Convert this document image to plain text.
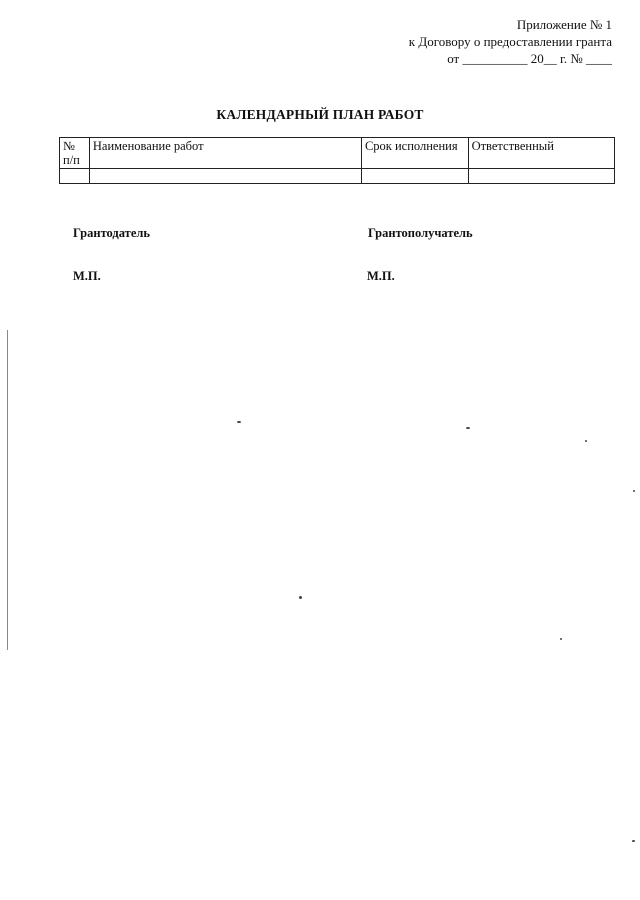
Приложение № 1
к Договору о предоставлении гранта
от __________ 20__ г. № ____
КАЛЕНДАРНЫЙ ПЛАН РАБОТ
№
п/п	Наименование работ	Срок исполнения	Ответственный

Грантодатель	Грантополучатель
М.П.	М.П.
